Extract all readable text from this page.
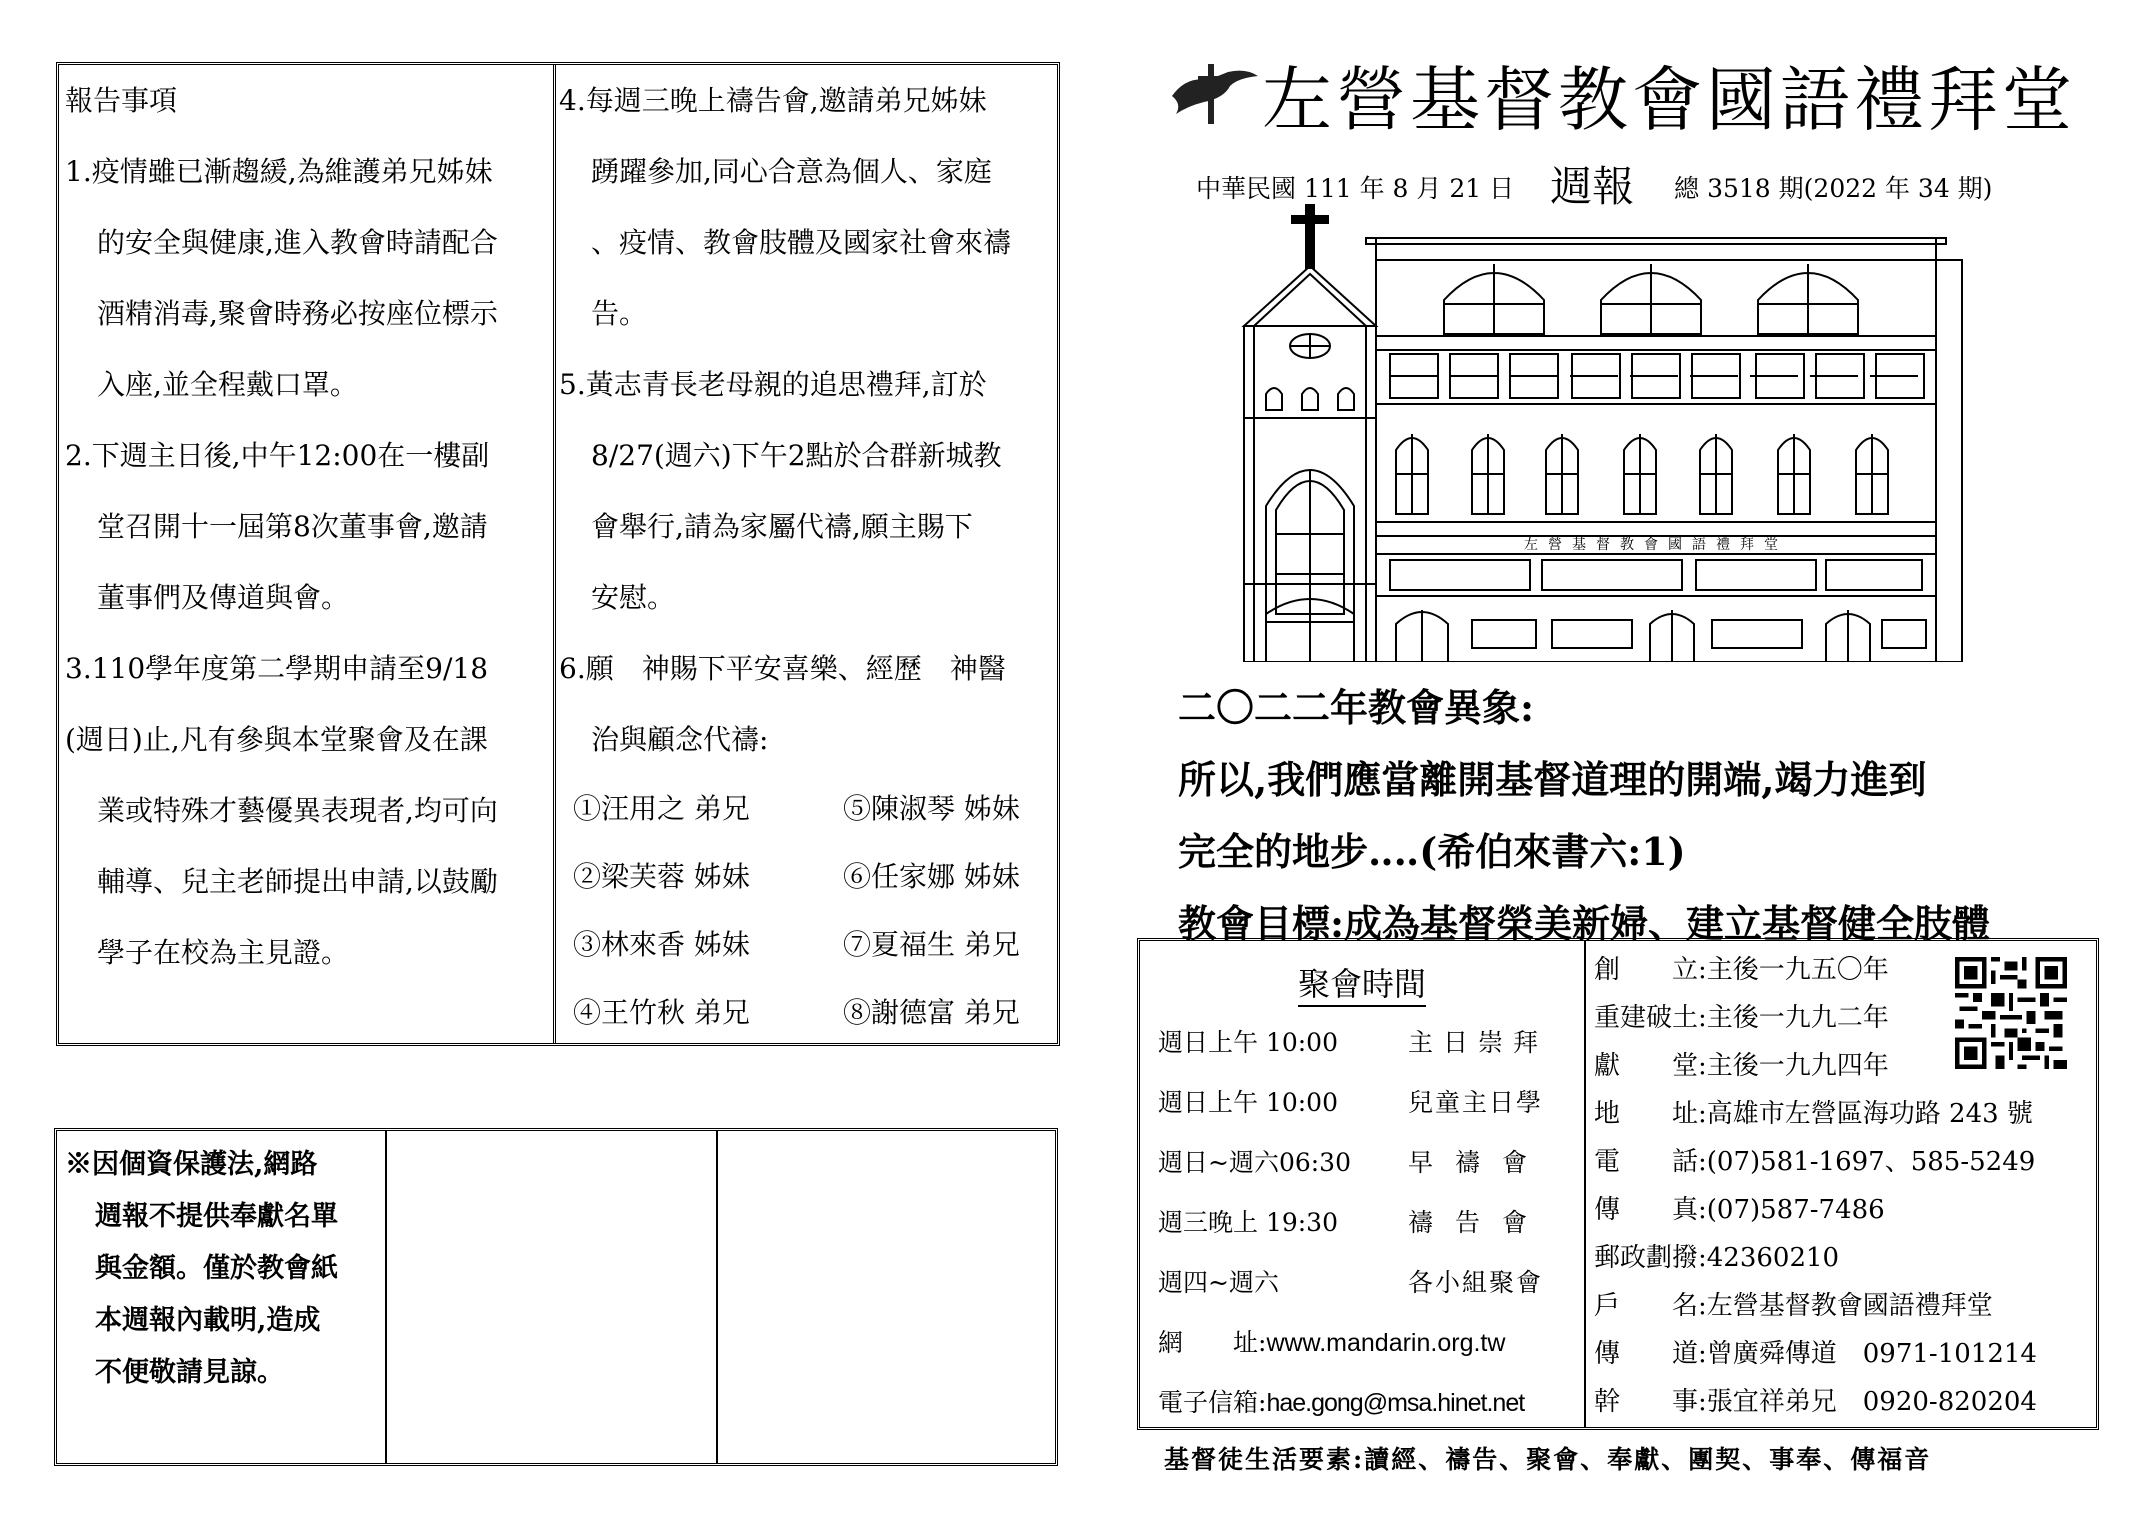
報告事項
1.疫情雖已漸趨緩,為維護弟兄姊妹
的安全與健康,進入教會時請配合
酒精消毒,聚會時務必按座位標示
入座,並全程戴口罩。
2.下週主日後,中午12:00在一樓副
堂召開十一屆第8次董事會,邀請
董事們及傳道與會。
3.110學年度第二學期申請至9/18
(週日)止,凡有參與本堂聚會及在課
業或特殊才藝優異表現者,均可向
輔導、兒主老師提出申請,以鼓勵
學子在校為主見證。
4.每週三晚上禱告會,邀請弟兄姊妹
踴躍參加,同心合意為個人、家庭
、疫情、教會肢體及國家社會來禱
告。
5.黃志青長老母親的追思禮拜,訂於
8/27(週六)下午2點於合群新城教
會舉行,請為家屬代禱,願主賜下
安慰。
6.願　神賜下平安喜樂、經歷　神醫
治與顧念代禱:
①汪用之 弟兄	⑤陳淑琴 姊妹
②梁芙蓉 姊妹	⑥任家娜 姊妹
③林來香 姊妹	⑦夏福生 弟兄
④王竹秋 弟兄	⑧謝德富 弟兄
※因個資保護法,網路
週報不提供奉獻名單
與金額。僅於教會紙
本週報內載明,造成
不便敬請見諒。
左營基督教會國語禮拜堂
中華民國 111 年 8 月 21 日 週報 總 3518 期(2022 年 34 期)
左營基督教會國語禮拜堂
二〇二二年教會異象:
所以,我們應當離開基督道理的開端,竭力進到
完全的地步‥‥(希伯來書六:1)
教會目標:成為基督榮美新婦、建立基督健全肢體
聚會時間
週日上午 10:00	主日崇拜
週日上午 10:00	兒童主日學
週日~週六06:30 早禱會
週三晚上 19:30	禱告會
週四~週六	各小組聚會
網　　址:www.mandarin.org.tw
電子信箱:hae.gong@msa.hinet.net
創　　立:主後一九五〇年
重建破土:主後一九九二年
獻　　堂:主後一九九四年
地　　址:高雄市左營區海功路 243 號
電　　話:(07)581-1697、585-5249
傳　　真:(07)587-7486
郵政劃撥:42360210
戶　　名:左營基督教會國語禮拜堂
傳　　道:曾廣舜傳道　0971-101214
幹　　事:張宜祥弟兄　0920-820204
基督徒生活要素:讀經、禱告、聚會、奉獻、團契、事奉、傳福音
